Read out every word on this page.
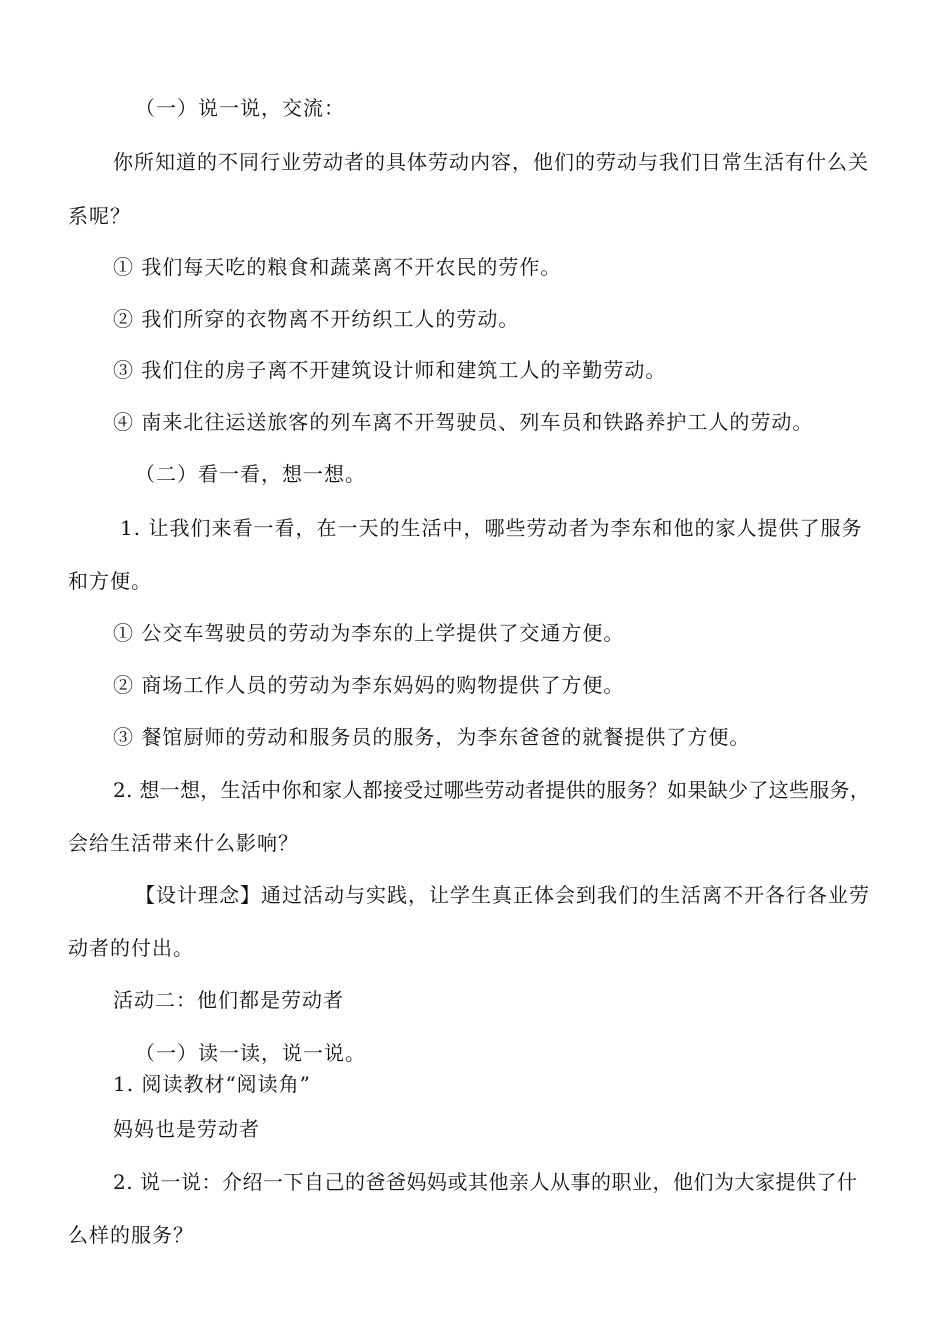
（一）说一说，交流：
你所知道的不同行业劳动者的具体劳动内容，他们的劳动与我们日常生活有什么关
系呢？
① 我们每天吃的粮食和蔬菜离不开农民的劳作。
② 我们所穿的衣物离不开纺织工人的劳动。
③ 我们住的房子离不开建筑设计师和建筑工人的辛勤劳动。
④ 南来北往运送旅客的列车离不开驾驶员、列车员和铁路养护工人的劳动。
（二）看一看，想一想。
1. 让我们来看一看，在一天的生活中，哪些劳动者为李东和他的家人提供了服务
和方便。
① 公交车驾驶员的劳动为李东的上学提供了交通方便。
② 商场工作人员的劳动为李东妈妈的购物提供了方便。
③ 餐馆厨师的劳动和服务员的服务，为李东爸爸的就餐提供了方便。
2. 想一想，生活中你和家人都接受过哪些劳动者提供的服务？如果缺少了这些服务，
会给生活带来什么影响？
【设计理念】通过活动与实践，让学生真正体会到我们的生活离不开各行各业劳
动者的付出。
活动二：他们都是劳动者
（一）读一读，说一说。
1. 阅读教材“阅读角”
妈妈也是劳动者
2. 说一说：介绍一下自己的爸爸妈妈或其他亲人从事的职业，他们为大家提供了什
么样的服务？
